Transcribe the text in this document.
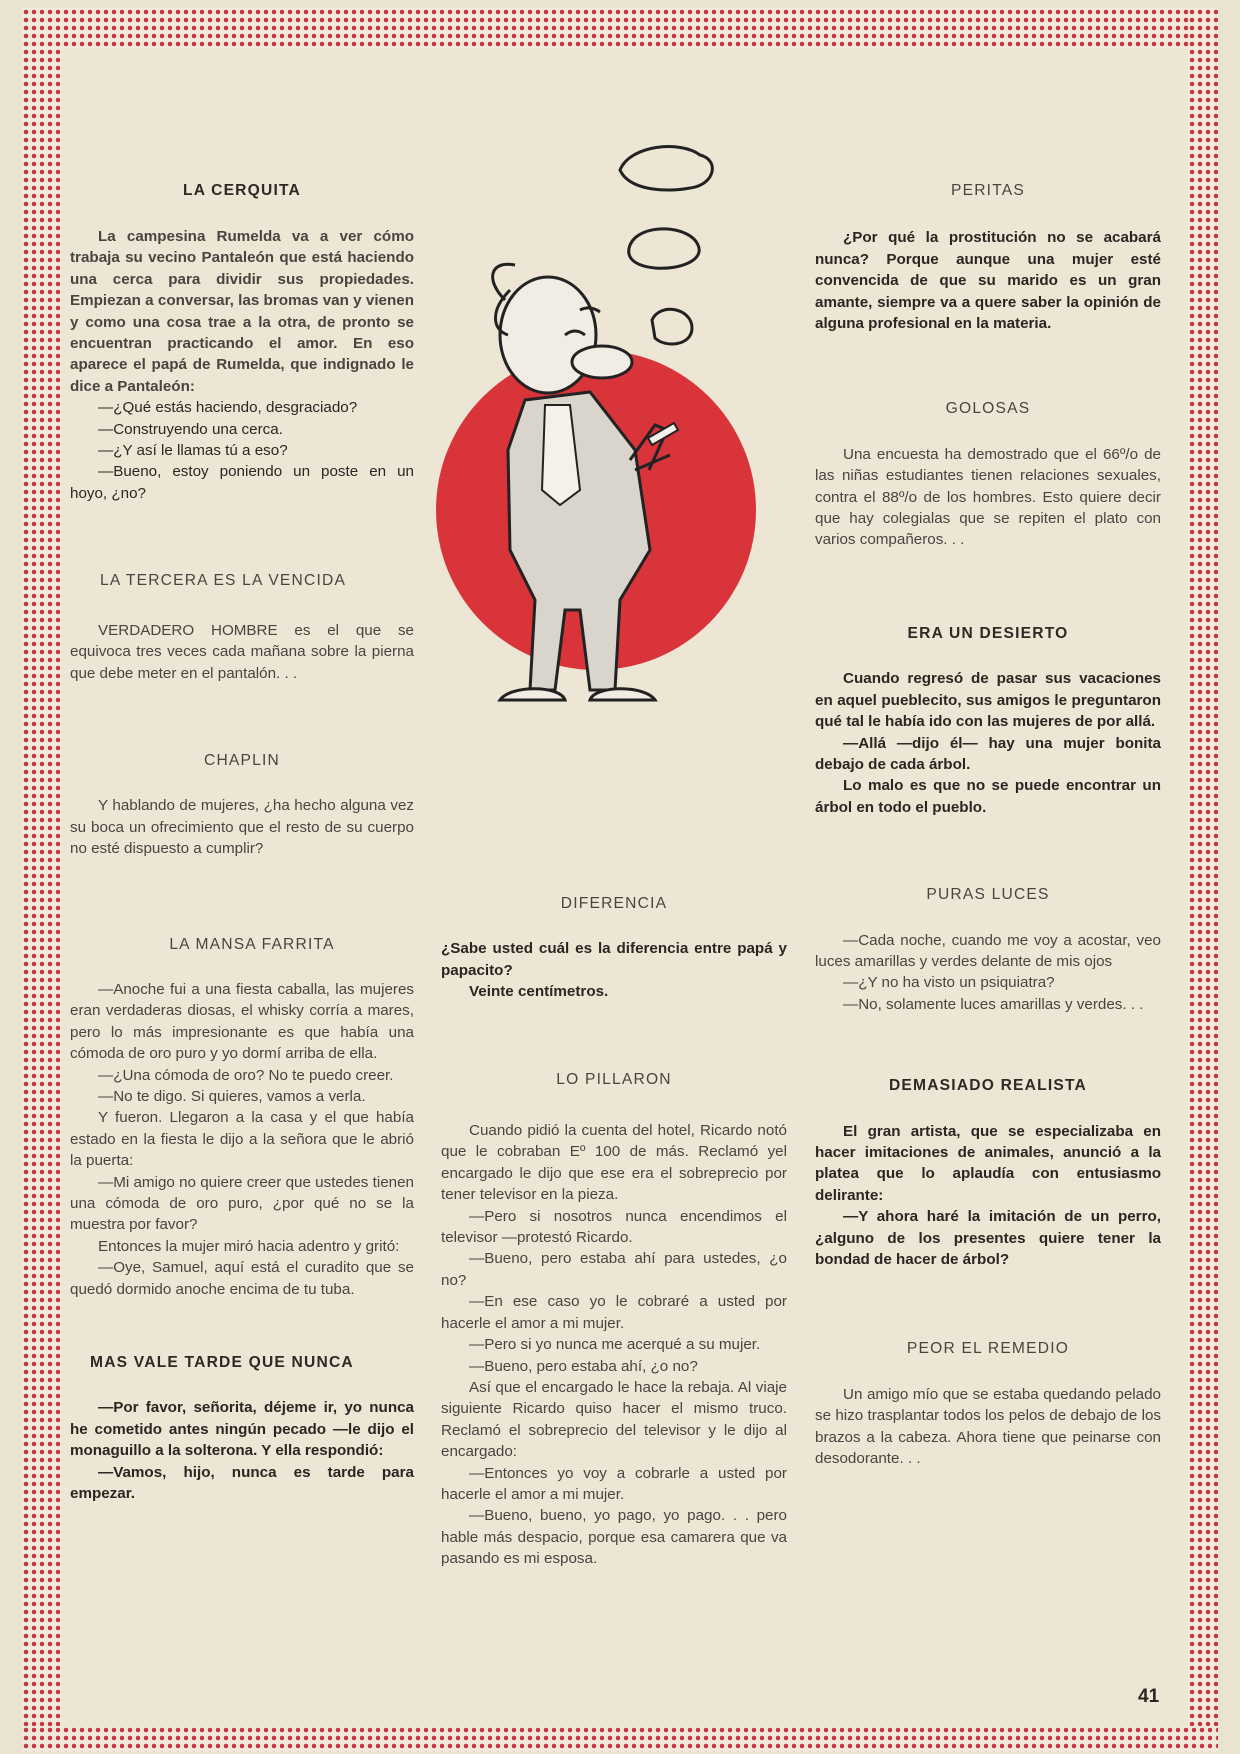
LA CERQUITA

La campesina Rumelda va a ver cómo trabaja su vecino Pantaleón que está haciendo una cerca para dividir sus propiedades. Empiezan a conversar, las bromas van y vienen y como una cosa trae a la otra, de pronto se encuentran practicando el amor. En eso aparece el papá de Rumelda, que indignado le dice a Pantaleón:

—¿Qué estás haciendo, desgraciado?

—Construyendo una cerca.

—¿Y así le llamas tú a eso?

—Bueno, estoy poniendo un poste en un hoyo, ¿no?

LA TERCERA ES LA VENCIDA

VERDADERO HOMBRE es el que se equivoca tres veces cada mañana sobre la pierna que debe meter en el pantalón. . .

CHAPLIN

Y hablando de mujeres, ¿ha hecho alguna vez su boca un ofrecimiento que el resto de su cuerpo no esté dispuesto a cumplir?

LA MANSA FARRITA

—Anoche fui a una fiesta caballa, las mujeres eran verdaderas diosas, el whisky corría a mares, pero lo más impresionante es que había una cómoda de oro puro y yo dormí arriba de ella.

—¿Una cómoda de oro? No te puedo creer.

—No te digo. Si quieres, vamos a verla.

Y fueron. Llegaron a la casa y el que había estado en la fiesta le dijo a la señora que le abrió la puerta:

—Mi amigo no quiere creer que ustedes tienen una cómoda de oro puro, ¿por qué no se la muestra por favor?

Entonces la mujer miró hacia adentro y gritó:

—Oye, Samuel, aquí está el curadito que se quedó dormido anoche encima de tu tuba.

MAS VALE TARDE QUE NUNCA

—Por favor, señorita, déjeme ir, yo nunca he cometido antes ningún pecado —le dijo el monaguillo a la solterona. Y ella respondió:

—Vamos, hijo, nunca es tarde para empezar.

DIFERENCIA

¿Sabe usted cuál es la diferencia entre papá y papacito?

Veinte centímetros.

LO PILLARON

Cuando pidió la cuenta del hotel, Ricardo notó que le cobraban Eº 100 de más. Reclamó yel encargado le dijo que ese era el sobreprecio por tener televisor en la pieza.

—Pero si nosotros nunca encendimos el televisor —protestó Ricardo.

—Bueno, pero estaba ahí para ustedes, ¿o no?

—En ese caso yo le cobraré a usted por hacerle el amor a mi mujer.

—Pero si yo nunca me acerqué a su mujer.

—Bueno, pero estaba ahí, ¿o no?

Así que el encargado le hace la rebaja. Al viaje siguiente Ricardo quiso hacer el mismo truco. Reclamó el sobreprecio del televisor y le dijo al encargado:

—Entonces yo voy a cobrarle a usted por hacerle el amor a mi mujer.

—Bueno, bueno, yo pago, yo pago. . . pero hable más despacio, porque esa camarera que va pasando es mi esposa.

PERITAS

¿Por qué la prostitución no se acabará nunca? Porque aunque una mujer esté convencida de que su marido es un gran amante, siempre va a quere saber la opinión de alguna profesional en la materia.

GOLOSAS

Una encuesta ha demostrado que el 66º/o de las niñas estudiantes tienen relaciones sexuales, contra el 88º/o de los hombres. Esto quiere decir que hay colegialas que se repiten el plato con varios compañeros. . .

ERA UN DESIERTO

Cuando regresó de pasar sus vacaciones en aquel pueblecito, sus amigos le preguntaron qué tal le había ido con las mujeres de por allá.

—Allá —dijo él— hay una mujer bonita debajo de cada árbol.

Lo malo es que no se puede encontrar un árbol en todo el pueblo.

PURAS LUCES

—Cada noche, cuando me voy a acostar, veo luces amarillas y verdes delante de mis ojos

—¿Y no ha visto un psiquiatra?

—No, solamente luces amarillas y verdes. . .

DEMASIADO REALISTA

El gran artista, que se especializaba en hacer imitaciones de animales, anunció a la platea que lo aplaudía con entusiasmo delirante:

—Y ahora haré la imitación de un perro, ¿alguno de los presentes quiere tener la bondad de hacer de árbol?

PEOR EL REMEDIO

Un amigo mío que se estaba quedando pelado se hizo trasplantar todos los pelos de debajo de los brazos a la cabeza. Ahora tiene que peinarse con desodorante. . .

41
